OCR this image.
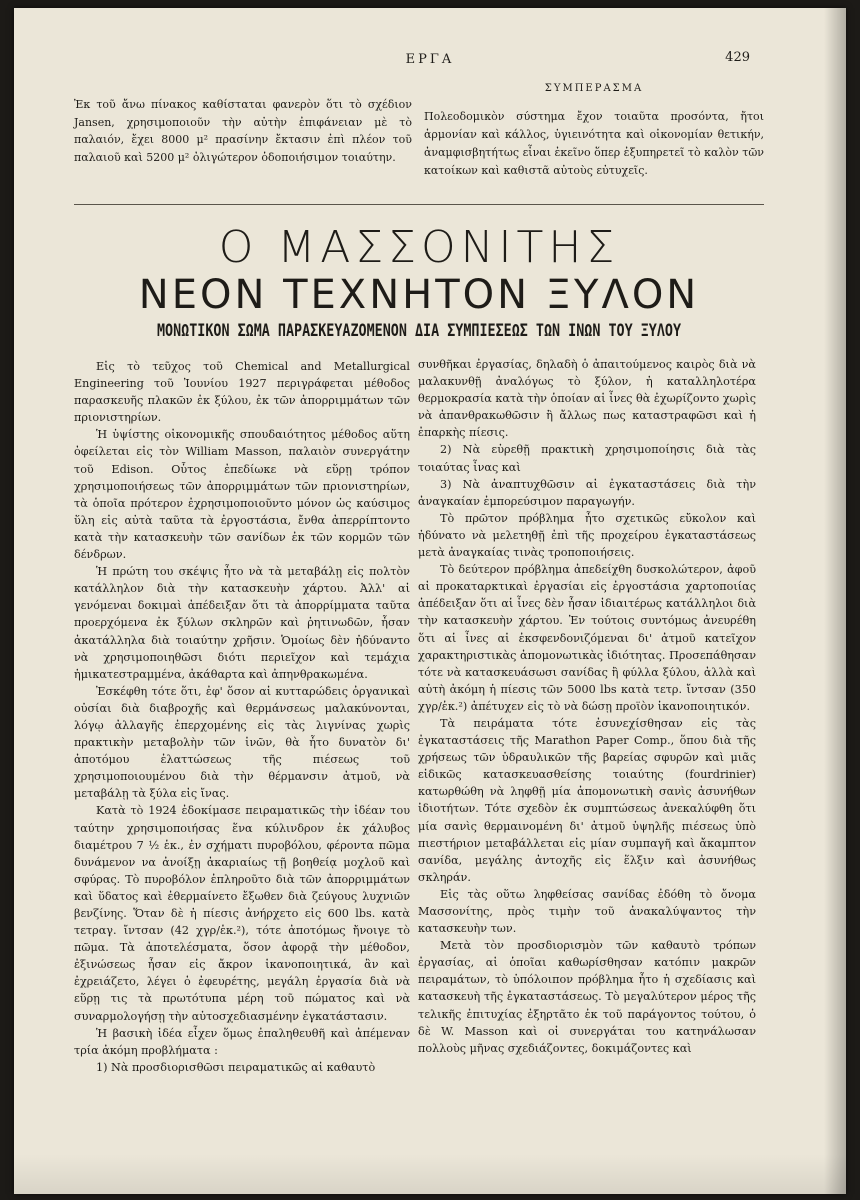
ΕΡΓΑ	429
Ἐκ τοῦ ἄνω πίνακος καθίσταται φανερὸν ὅτι τὸ σχέδιον Jansen, χρησιμοποιοῦν τὴν αὐτὴν ἐπιφάνειαν μὲ τὸ παλαιόν, ἔχει 8000 μ² πρασίνην ἔκτασιν ἐπὶ πλέον τοῦ παλαιοῦ καὶ 5200 μ² ὀλιγώτερον ὁδοποιήσιμον τοιαύτην.
ΣΥΜΠΕΡΑΣΜΑ
Πολεοδομικὸν σύστημα ἔχον τοιαῦτα προσόντα, ἤτοι ἁρμονίαν καὶ κάλλος, ὑγιεινότητα καὶ οἰκονομίαν θετικήν, ἀναμφισβητήτως εἶναι ἐκεῖνο ὅπερ ἐξυπηρετεῖ τὸ καλὸν τῶν κατοίκων καὶ καθιστᾶ αὐτοὺς εὐτυχεῖς.
Ο ΜΑΣΣΟΝΙΤΗΣ
ΝΕΟΝ ΤΕΧΝΗΤΟΝ ΞΥΛΟΝ
ΜΟΝΩΤΙΚΟΝ ΣΩΜΑ ΠΑΡΑΣΚΕΥΑΖΟΜΕΝΟΝ ΔΙΑ ΣΥΜΠΙΕΣΕΩΣ ΤΩΝ ΙΝΩΝ ΤΟΥ ΞΥΛΟΥ

Εἰς τὸ τεῦχος τοῦ Chemical and Metallurgical Engineering τοῦ Ἰουνίου 1927 περιγράφεται μέθοδος παρασκευῆς πλακῶν ἐκ ξύλου, ἐκ τῶν ἀπορριμμάτων τῶν πριονιστηρίων.

Ἡ ὑψίστης οἰκονομικῆς σπουδαιότητος μέθοδος αὕτη ὀφείλεται εἰς τὸν William Masson, παλαιὸν συνεργάτην τοῦ Edison. Οὗτος ἐπεδίωκε νὰ εὕρῃ τρόπον χρησιμοποιήσεως τῶν ἀπορριμμάτων τῶν πριονιστηρίων, τὰ ὁποῖα πρότερον ἐχρησιμοποιοῦντο μόνον ὡς καύσιμος ὕλη εἰς αὐτὰ ταῦτα τὰ ἐργοστάσια, ἔνθα ἀπερρίπτοντο κατὰ τὴν κατασκευὴν τῶν σανίδων ἐκ τῶν κορμῶν τῶν δένδρων.

Ἡ πρώτη του σκέψις ἦτο νὰ τὰ μεταβάλῃ εἰς πολτὸν κατάλληλον διὰ τὴν κατασκευὴν χάρτου. Ἀλλ' αἱ γενόμεναι δοκιμαὶ ἀπέδειξαν ὅτι τὰ ἀπορρίμματα ταῦτα προερχόμενα ἐκ ξύλων σκληρῶν καὶ ῥητινωδῶν, ἦσαν ἀκατάλληλα διὰ τοιαύτην χρῆσιν. Ὁμοίως δὲν ἠδύναντο νὰ χρησιμοποιηθῶσι διότι περιεῖχον καὶ τεμάχια ἡμικατεστραμμένα, ἀκάθαρτα καὶ ἀπηνθρακωμένα.

Ἐσκέφθη τότε ὅτι, ἐφ' ὅσον αἱ κυτταρώδεις ὀργανικαὶ οὐσίαι διὰ διαβροχῆς καὶ θερμάνσεως μαλακύνονται, λόγῳ ἀλλαγῆς ἐπερχομένης εἰς τὰς λιγνίνας χωρὶς πρακτικὴν μεταβολὴν τῶν ἰνῶν, θὰ ἦτο δυνατὸν δι' ἀποτόμου ἐλαττώσεως τῆς πιέσεως τοῦ χρησιμοποιουμένου διὰ τὴν θέρμανσιν ἀτμοῦ, νὰ μεταβάλῃ τὰ ξύλα εἰς ἴνας.

Κατὰ τὸ 1924 ἐδοκίμασε πειραματικῶς τὴν ἰδέαν του ταύτην χρησιμοποιήσας ἕνα κύλινδρον ἐκ χάλυβος διαμέτρου 7 ½ ἑκ., ἐν σχήματι πυροβόλου, φέροντα πῶμα δυνάμενον να ἀνοίξῃ ἀκαριαίως τῇ βοηθείᾳ μοχλοῦ καὶ σφύρας. Τὸ πυροβόλον ἐπληροῦτο διὰ τῶν ἀπορριμμάτων καὶ ὕδατος καὶ ἐθερμαίνετο ἔξωθεν διὰ ζεύγους λυχνιῶν βενζίνης. Ὅταν δὲ ἡ πίεσις ἀνήρχετο εἰς 600 lbs. κατὰ τετραγ. ἴντσαν (42 χγρ/ἑκ.²), τότε ἀποτόμως ἤνοιγε τὸ πῶμα. Τὰ ἀποτελέσματα, ὅσον ἀφορᾷ τὴν μέθοδον, ἐξινώσεως ἦσαν εἰς ἄκρον ἱκανοποιητικά, ἂν καὶ ἐχρειάζετο, λέγει ὁ ἐφευρέτης, μεγάλη ἐργασία διὰ νὰ εὕρῃ τις τὰ πρωτότυπα μέρη τοῦ πώματος καὶ νὰ συναρμολογήσῃ τὴν αὐτοσχεδιασμένην ἐγκατάστασιν.

Ἡ βασικὴ ἰδέα εἶχεν ὅμως ἐπαληθευθῆ καὶ ἀπέμεναν τρία ἀκόμη προβλήματα :

1) Νὰ προσδιορισθῶσι πειραματικῶς αἱ καθαυτὸ

συνθῆκαι ἐργασίας, δηλαδὴ ὁ ἀπαιτούμενος καιρὸς διὰ νὰ μαλακυνθῇ ἀναλόγως τὸ ξύλον, ἡ καταλληλοτέρα θερμοκρασία κατὰ τὴν ὁποίαν αἱ ἶνες θὰ ἐχωρίζοντο χωρὶς νὰ ἀπανθρακωθῶσιν ἢ ἄλλως πως καταστραφῶσι καὶ ἡ ἐπαρκὴς πίεσις.

2) Νὰ εὑρεθῇ πρακτικὴ χρησιμοποίησις διὰ τὰς τοιαύτας ἶνας καὶ

3) Νὰ ἀναπτυχθῶσιν αἱ ἐγκαταστάσεις διὰ τὴν ἀναγκαίαν ἐμπορεύσιμον παραγωγήν.

Τὸ πρῶτον πρόβλημα ἦτο σχετικῶς εὔκολον καὶ ἠδύνατο νὰ μελετηθῇ ἐπὶ τῆς προχείρου ἐγκαταστάσεως μετὰ ἀναγκαίας τινὰς τροποποιήσεις.

Τὸ δεύτερον πρόβλημα ἀπεδείχθη δυσκολώτερον, ἀφοῦ αἱ προκαταρκτικαὶ ἐργασίαι εἰς ἐργοστάσια χαρτοποιίας ἀπέδειξαν ὅτι αἱ ἶνες δὲν ἦσαν ἰδιαιτέρως κατάλληλοι διὰ τὴν κατασκευὴν χάρτου. Ἐν τούτοις συντόμως ἀνευρέθη ὅτι αἱ ἶνες αἱ ἐκσφενδονιζόμεναι δι' ἀτμοῦ κατεῖχον χαρακτηριστικὰς ἀπομονωτικὰς ἰδιότητας. Προσεπάθησαν τότε νὰ κατασκευάσωσι σανίδας ἢ φύλλα ξύλου, ἀλλὰ καὶ αὐτὴ ἀκόμη ἡ πίεσις τῶν 5000 lbs κατὰ τετρ. ἴντσαν (350 χγρ/ἑκ.²) ἀπέτυχεν εἰς τὸ νὰ δώσῃ προϊὸν ἱκανοποιητικόν.

Τὰ πειράματα τότε ἐσυνεχίσθησαν εἰς τὰς ἐγκαταστάσεις τῆς Marathon Paper Comp., ὅπου διὰ τῆς χρήσεως τῶν ὑδραυλικῶν τῆς βαρείας σφυρῶν καὶ μιᾶς εἰδικῶς κατασκευασθείσης τοιαύτης (fourdrinier) κατωρθώθη νὰ ληφθῇ μία ἀπομονωτικὴ σανὶς ἀσυνήθων ἰδιοτήτων. Τότε σχεδὸν ἐκ συμπτώσεως ἀνεκαλύφθη ὅτι μία σανὶς θερμαινομένη δι' ἀτμοῦ ὑψηλῆς πιέσεως ὑπὸ πιεστήριον μεταβάλλεται εἰς μίαν συμπαγῆ καὶ ἄκαμπτον σανίδα, μεγάλης ἀντοχῆς εἰς ἕλξιν καὶ ἀσυνήθως σκληράν.

Εἰς τὰς οὕτω ληφθείσας σανίδας ἐδόθη τὸ ὄνομα Μασσονίτης, πρὸς τιμὴν τοῦ ἀνακαλύψαντος τὴν κατασκευὴν των.

Μετὰ τὸν προσδιορισμὸν τῶν καθαυτὸ τρόπων ἐργασίας, αἱ ὁποῖαι καθωρίσθησαν κατόπιν μακρῶν πειραμάτων, τὸ ὑπόλοιπον πρόβλημα ἦτο ἡ σχεδίασις καὶ κατασκευὴ τῆς ἐγκαταστάσεως. Τὸ μεγαλύτερον μέρος τῆς τελικῆς ἐπιτυχίας ἐξηρτᾶτο ἐκ τοῦ παράγοντος τούτου, ὁ δὲ W. Masson καὶ οἱ συνεργάται του κατηνάλωσαν πολλοὺς μῆνας σχεδιάζοντες, δοκιμάζοντες καὶ
